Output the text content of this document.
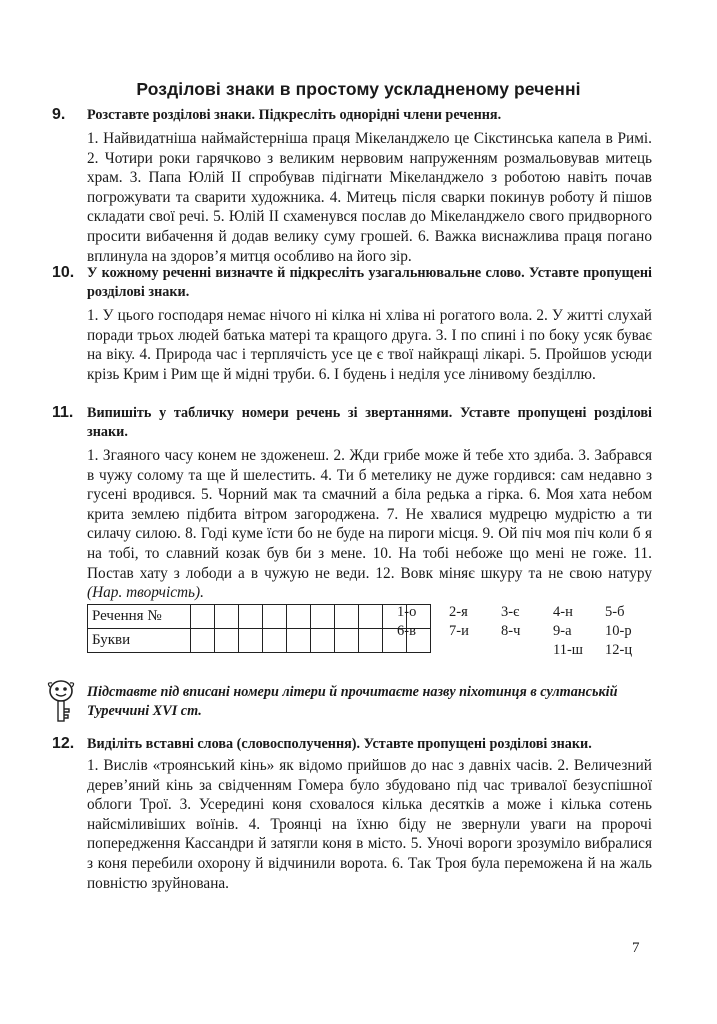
Розділові знаки в простому ускладненому реченні
9. Розставте розділові знаки. Підкресліть однорідні члени речення.
1. Найвидатніша наймайстерніша праця Мікеланджело це Сікстинська капела в Римі. 2. Чотири роки гарячково з великим нервовим напруженням розмальовував митець храм. 3. Папа Юлій II спробував підігнати Мікеланджело з роботою навіть почав погрожувати та сварити художника. 4. Митець після сварки покинув роботу й пішов складати свої речі. 5. Юлій II схаменувся послав до Мікеланджело свого придворного просити вибачення й додав велику суму грошей. 6. Важка виснажлива праця погано вплинула на здоров’я митця особливо на його зір.
10. У кожному реченні визначте й підкресліть узагальнювальне слово. Уставте пропущені розділові знаки.
1. У цього господаря немає нічого ні кілка ні хліва ні рогатого вола. 2. У житті слухай поради трьох людей батька матері та кращого друга. 3. І по спині і по боку усяк буває на віку. 4. Природа час і терплячість усе це є твої найкращі лікарі. 5. Пройшов усюди крізь Крим і Рим ще й мідні труби. 6. І будень і неділя усе лінивому безділлю.
11. Випишіть у табличку номери речень зі звертаннями. Уставте пропущені розділові знаки.
1. Згаяного часу конем не здоженеш. 2. Жди грибе може й тебе хто здиба. 3. Забрався в чужу солому та ще й шелестить. 4. Ти б метелику не дуже гордився: сам недавно з гусені вродився. 5. Чорний мак та смачний а біла редька а гірка. 6. Моя хата небом крита землею підбита вітром загороджена. 7. Не хвалися мудрецю мудрістю а ти силачу силою. 8. Годі куме їсти бо не буде на пироги місця. 9. Ой піч моя піч коли б я на тобі, то славний козак був би з мене. 10. На тобі небоже що мені не гоже. 11. Постав хату з лободи а в чужую не веди. 12. Вовк міняє шкуру та не свою натуру (Нар. творчість).
Речення №										
Букви										
1-о	2-я	3-є	4-н	5-б
6-в	7-и	8-ч	9-а	10-р
11-ш	12-ц
Підставте під вписані номери літери й прочитаєте назву піхотинця в султанській Туреччині XVI ст.
12. Виділіть вставні слова (словосполучення). Уставте пропущені розділові знаки.
1. Вислів «троянський кінь» як відомо прийшов до нас з давніх часів. 2. Величезний дерев’яний кінь за свідченням Гомера було збудовано під час тривалої безуспішної облоги Трої. 3. Усередині коня сховалося кілька десятків а може і кілька сотень найсміливіших воїнів. 4. Троянці на їхню біду не звернули уваги на пророчі попередження Кассандри й затягли коня в місто. 5. Уночі вороги зрозуміло вибралися з коня перебили охорону й відчинили ворота. 6. Так Троя була переможена й на жаль повністю зруйнована.
7
